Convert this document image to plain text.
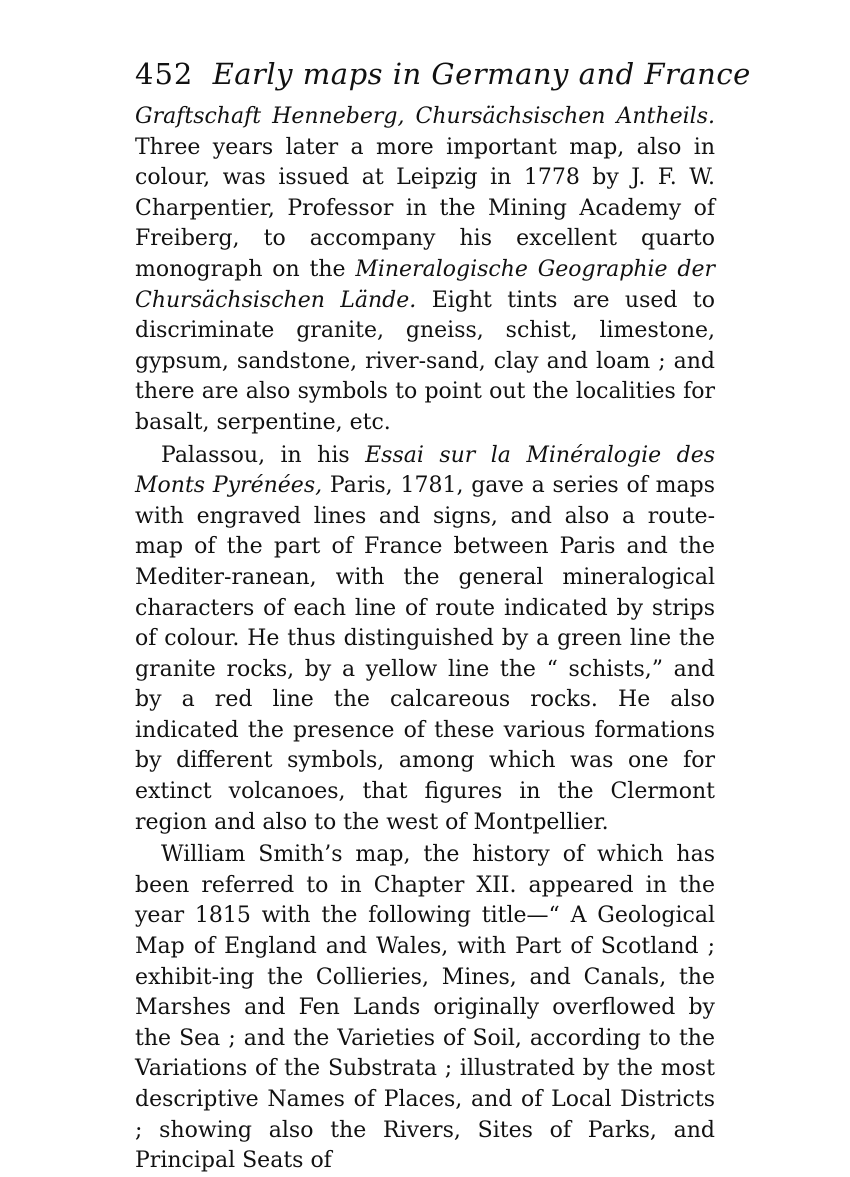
452 Early maps in Germany and France

Graftschaft Henneberg, Chursächsischen Antheils. Three years later a more important map, also in colour, was issued at Leipzig in 1778 by J. F. W. Charpentier, Professor in the Mining Academy of Freiberg, to accompany his excellent quarto monograph on the Mineralogische Geographie der Chursächsischen Lände. Eight tints are used to discriminate granite, gneiss, schist, limestone, gypsum, sandstone, river-sand, clay and loam ; and there are also symbols to point out the localities for basalt, serpentine, etc.

Palassou, in his Essai sur la Minéralogie des Monts Pyrénées, Paris, 1781, gave a series of maps with engraved lines and signs, and also a route-map of the part of France between Paris and the Mediter-ranean, with the general mineralogical characters of each line of route indicated by strips of colour. He thus distinguished by a green line the granite rocks, by a yellow line the “ schists,” and by a red line the calcareous rocks. He also indicated the presence of these various formations by different symbols, among which was one for extinct volcanoes, that figures in the Clermont region and also to the west of Montpellier.

William Smith’s map, the history of which has been referred to in Chapter XII. appeared in the year 1815 with the following title—“ A Geological Map of England and Wales, with Part of Scotland ; exhibit-ing the Collieries, Mines, and Canals, the Marshes and Fen Lands originally overflowed by the Sea ; and the Varieties of Soil, according to the Variations of the Substrata ; illustrated by the most descriptive Names of Places, and of Local Districts ; showing also the Rivers, Sites of Parks, and Principal Seats of
